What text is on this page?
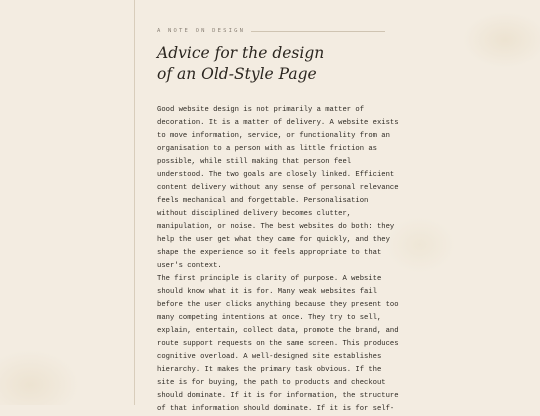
A NOTE ON DESIGN
Advice for the design
of an Old-Style Page
Good website design is not primarily a matter of
decoration. It is a matter of delivery. A website exists
to move information, service, or functionality from an
organisation to a person with as little friction as
possible, while still making that person feel
understood. The two goals are closely linked. Efficient
content delivery without any sense of personal relevance
feels mechanical and forgettable. Personalisation
without disciplined delivery becomes clutter,
manipulation, or noise. The best websites do both: they
help the user get what they came for quickly, and they
shape the experience so it feels appropriate to that
user's context.
The first principle is clarity of purpose. A website
should know what it is for. Many weak websites fail
before the user clicks anything because they present too
many competing intentions at once. They try to sell,
explain, entertain, collect data, promote the brand, and
route support requests on the same screen. This produces
cognitive overload. A well-designed site establishes
hierarchy. It makes the primary task obvious. If the
site is for buying, the path to products and checkout
should dominate. If it is for information, the structure
of that information should dominate. If it is for self-
